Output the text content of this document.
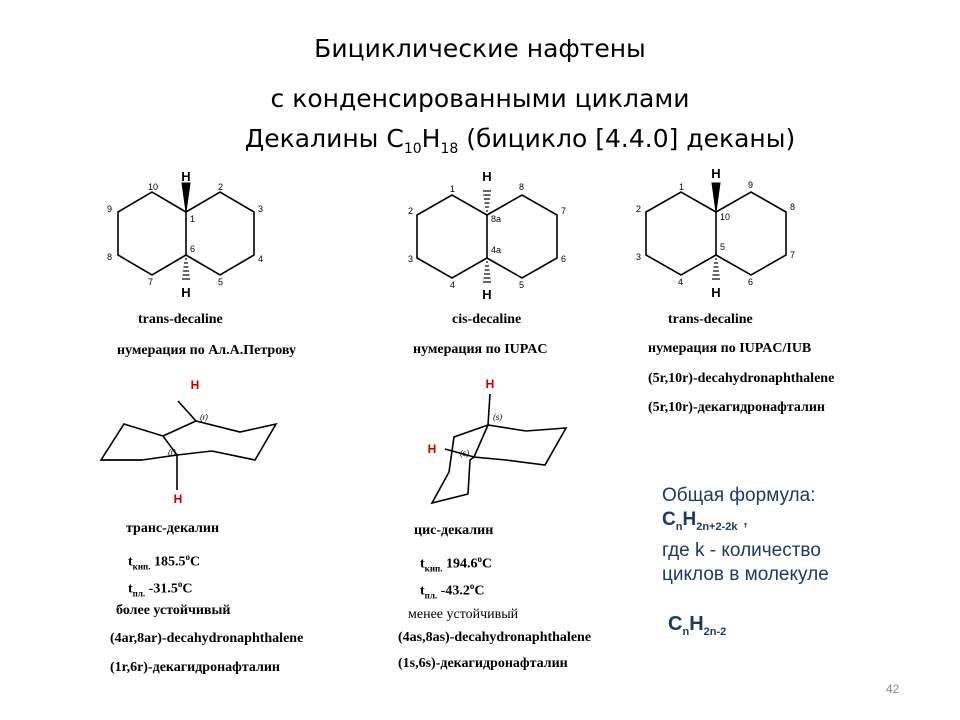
Бициклические нафтены
с конденсированными циклами
Декалины $C_{10}H_{18}$ (бицикло [4.4.0] деканы)
H
H
H
H
H
H
10	2
9	3
8	4
7	5
1
6
1	8
2	7
3	6
4	5
8a
4a
1	9
2	8
3	7
4	6
10
5
H
H
(r)
(r)
H
H
(s)
(s)
trans-decaline
нумерация по Ал.А.Петрову
cis-decaline
нумерация по IUPAC
trans-decaline
нумерация по IUPAC/IUB
(5r,10r)-decahydronaphthalene
(5r,10r)-декагидронафталин
транс-декалин
$t_{кип.}$ 185.5$^o$C
$t_{пл.}$ -31.5$^o$C
более устойчивый
(4ar,8ar)-decahydronaphthalene
(1r,6r)-декагидронафталин
цис-декалин
$t_{кип.}$ 194.6$^o$C
$t_{пл.}$ -43.2$^o$C
менее устойчивый
(4as,8as)-decahydronaphthalene
(1s,6s)-декагидронафталин
Общая формула:
$C_nH_{2n+2-2k}$ ,
где k - количество
циклов в молекуле
$C_nH_{2n-2}$
42
